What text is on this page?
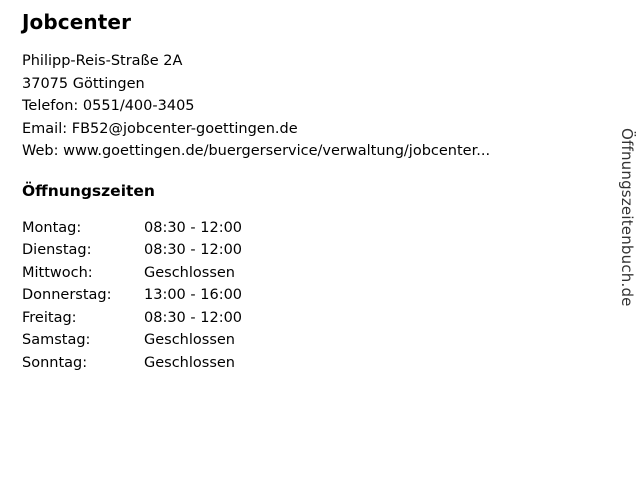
Jobcenter
Philipp-Reis-Straße 2A
37075 Göttingen
Telefon: 0551/400-3405
Email: FB52@jobcenter-goettingen.de
Web: www.goettingen.de/buergerservice/verwaltung/jobcenter...
Öffnungszeiten
Montag:	08:30 - 12:00
Dienstag:	08:30 - 12:00
Mittwoch:	Geschlossen
Donnerstag:	13:00 - 16:00
Freitag:	08:30 - 12:00
Samstag:	Geschlossen
Sonntag:	Geschlossen
Öffnungszeitenbuch.de
